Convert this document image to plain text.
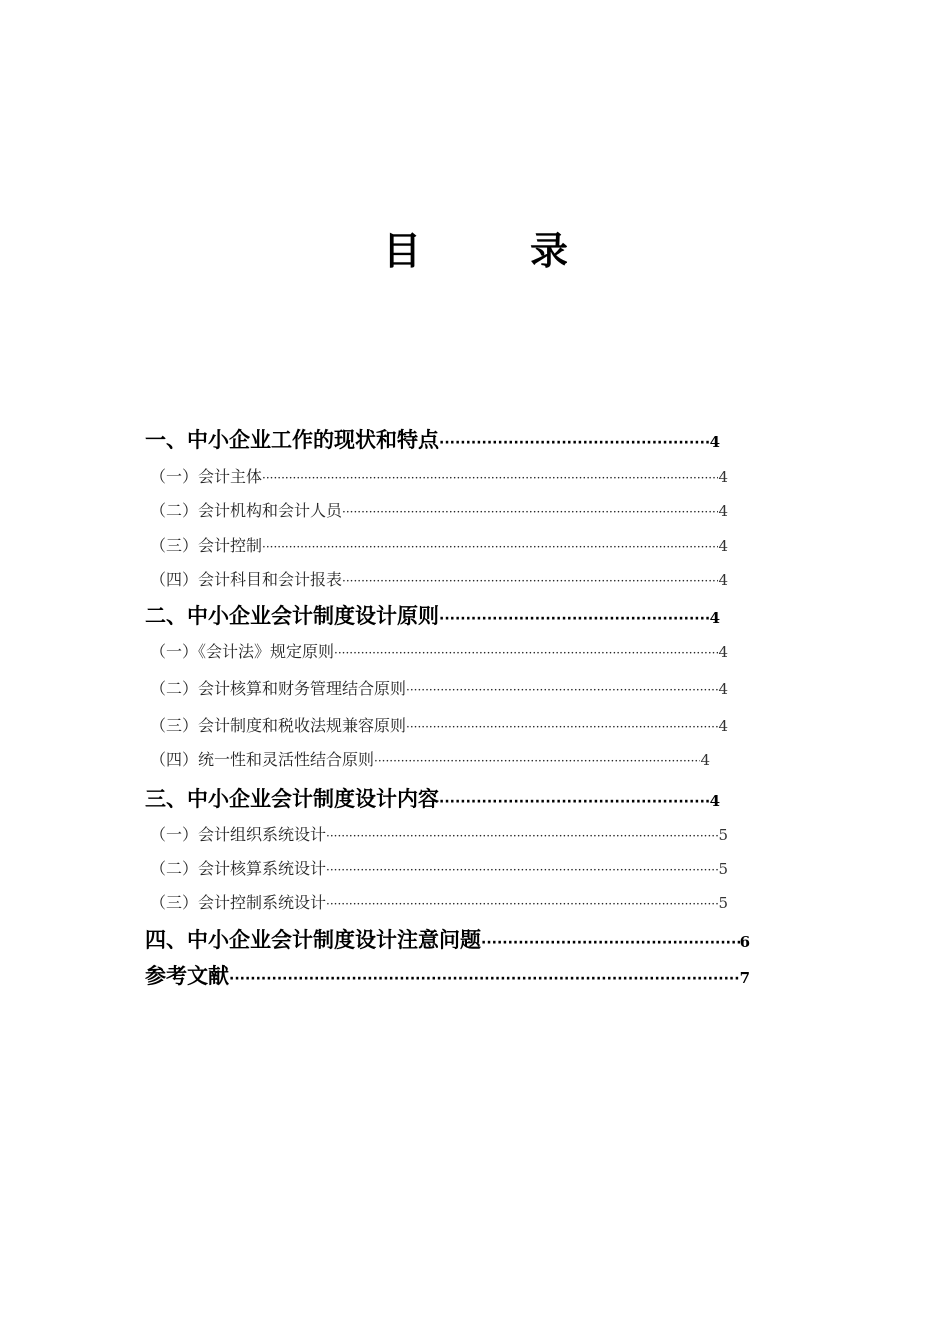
目	录
一、中小企业工作的现状和特点 ·····	4
（一）会计主体 ·····	4
（二）会计机构和会计人员 ·····	4
（三）会计控制 ·····	4
（四）会计科目和会计报表 ·····	4
二、中小企业会计制度设计原则 ·····	4
（一）《会计法》规定原则 ·····	4
（二）会计核算和财务管理结合原则 ·····	4
（三）会计制度和税收法规兼容原则 ·····	4
（四）统一性和灵活性结合原则 ·····	4
三、中小企业会计制度设计内容 ·····	4
（一）会计组织系统设计 ·····	5
（二）会计核算系统设计 ·····	5
（三）会计控制系统设计 ·····	5
四、中小企业会计制度设计注意问题 ·····	6
参考文献 ·····	7
